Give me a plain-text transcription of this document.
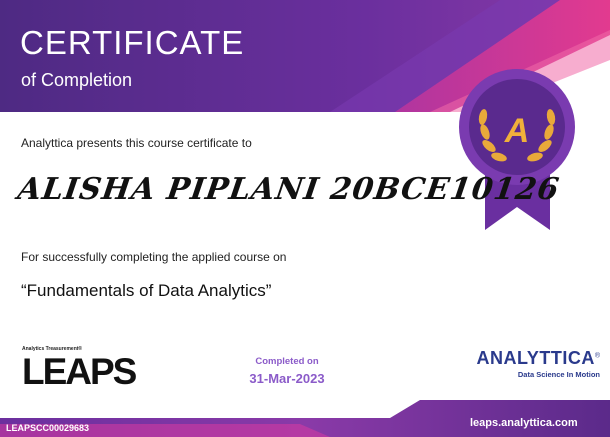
CERTIFICATE
of Completion
A
Analyttica presents this course certificate to
ALISHA PIPLANI 20BCE10126
For successfully completing the applied course on
“Fundamentals of Data Analytics”
Analytics Treasurement®
LEAPS	Completed on
31-Mar-2023
ANALYTTICA®
Data Science In Motion
LEAPSCC00029683	leaps.analyttica.com
